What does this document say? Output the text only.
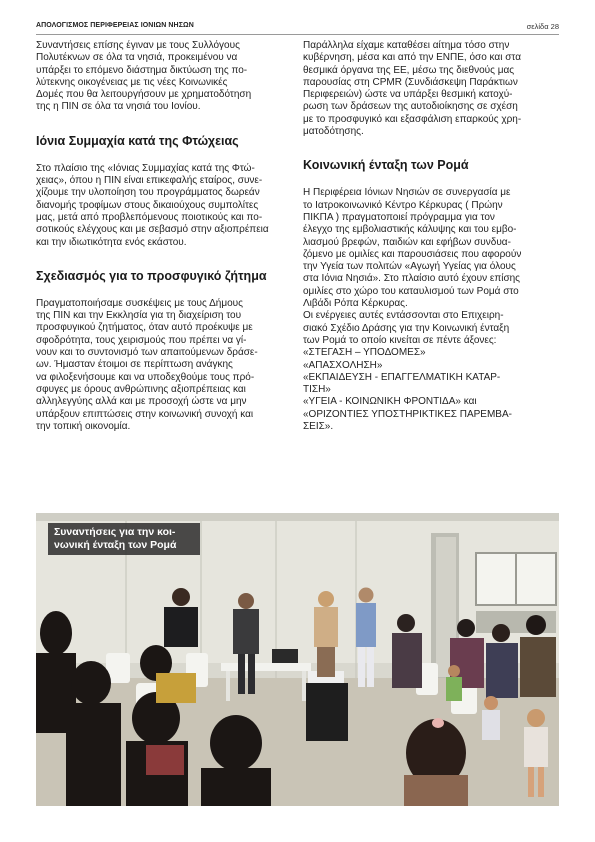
ΑΠΟΛΟΓΙΣΜΟΣ ΠΕΡΙΦΕΡΕΙΑΣ ΙΟΝΙΩΝ ΝΗΣΩΝ	σελίδα 28
Συναντήσεις επίσης έγιναν με τους Συλλόγους
Πολυτέκνων σε όλα τα νησιά, προκειμένου να
υπάρξει το επόμενο διάστημα δικτύωση της πο-
λύτεκνης οικογένειας με τις νέες Κοινωνικές
Δομές που θα λειτουργήσουν με χρηματοδότηση
της η ΠΙΝ σε όλα τα νησιά του Ιονίου.
Ιόνια Συμμαχία κατά της Φτώχειας
Στο πλαίσιο της «Ιόνιας Συμμαχίας κατά της Φτώ-
χειας», όπου η ΠΙΝ είναι επικεφαλής εταίρος, συνε-
χίζουμε την υλοποίηση του προγράμματος δωρεάν
διανομής τροφίμων στους δικαιούχους συμπολίτες
μας, μετά από προβλεπόμενους ποιοτικούς και πο-
σοτικούς ελέγχους και με σεβασμό στην αξιοπρέπεια
και την ιδιωτικότητα ενός εκάστου.
Σχεδιασμός για το προσφυγικό ζήτημα
Πραγματοποιήσαμε συσκέψεις με τους Δήμους
της ΠΙΝ και την Εκκλησία για τη διαχείριση του
προσφυγικού ζητήματος, όταν αυτό προέκυψε με
σφοδρότητα, τους χειρισμούς που πρέπει να γί-
νουν και το συντονισμό των απαιτούμενων δράσε-
ων. Ήμασταν έτοιμοι σε περίπτωση ανάγκης
να φιλοξενήσουμε και να υποδεχθούμε τους πρό-
σφυγες με όρους ανθρώπινης αξιοπρέπειας και
αλληλεγγύης αλλά και με προσοχή ώστε να μην
υπάρξουν επιπτώσεις στην κοινωνική συνοχή και
την τοπική οικονομία.
Παράλληλα είχαμε καταθέσει αίτημα τόσο στην
κυβέρνηση, μέσα και από την ΕΝΠΕ, όσο και στα
θεσμικά όργανα της ΕΕ, μέσω της διεθνούς μας
παρουσίας στη CPMR (Συνδιάσκεψη Παράκτιων
Περιφερειών) ώστε να υπάρξει θεσμική κατοχύ-
ρωση των δράσεων της αυτοδιοίκησης σε σχέση
με το προσφυγικό και εξασφάλιση επαρκούς χρη-
ματοδότησης.
Κοινωνική ένταξη των Ρομά
Η Περιφέρεια Ιόνιων Νησιών σε συνεργασία με
το Ιατροκοινωνικό Κέντρο Κέρκυρας ( Πρώην
ΠΙΚΠΑ ) πραγματοποιεί πρόγραμμα για τον
έλεγχο της εμβολιαστικής κάλυψης και του εμβο-
λιασμού βρεφών, παιδιών και εφήβων συνδυα-
ζόμενο με ομιλίες και παρουσιάσεις που αφορούν
την Υγεία των πολιτών «Αγωγή Υγείας για όλους
στα Ιόνια Νησιά». Στο πλαίσιο αυτό έχουν επίσης
ομιλίες στο χώρο του καταυλισμού των Ρομά στο
Λιβάδι Ρόπα Κέρκυρας.
Οι ενέργειες αυτές εντάσσονται στο Επιχειρη-
σιακό Σχέδιο Δράσης για την Κοινωνική ένταξη
των Ρομά το οποίο κινείται σε πέντε άξονες:
«ΣΤΕΓΑΣΗ – ΥΠΟΔΟΜΕΣ»
«ΑΠΑΣΧΟΛΗΣΗ»
«ΕΚΠΑΙΔΕΥΣΗ - ΕΠΑΓΓΕΛΜΑΤΙΚΗ ΚΑΤΑΡ-
ΤΙΣΗ»
«ΥΓΕΙΑ - ΚΟΙΝΩΝΙΚΗ ΦΡΟΝΤΙΔΑ» και
«ΟΡΙΖΟΝΤΙΕΣ ΥΠΟΣΤΗΡΙΚΤΙΚΕΣ ΠΑΡΕΜΒΑ-
ΣΕΙΣ».
Συναντήσεις για την κοι-
νωνική ένταξη των Ρομά
